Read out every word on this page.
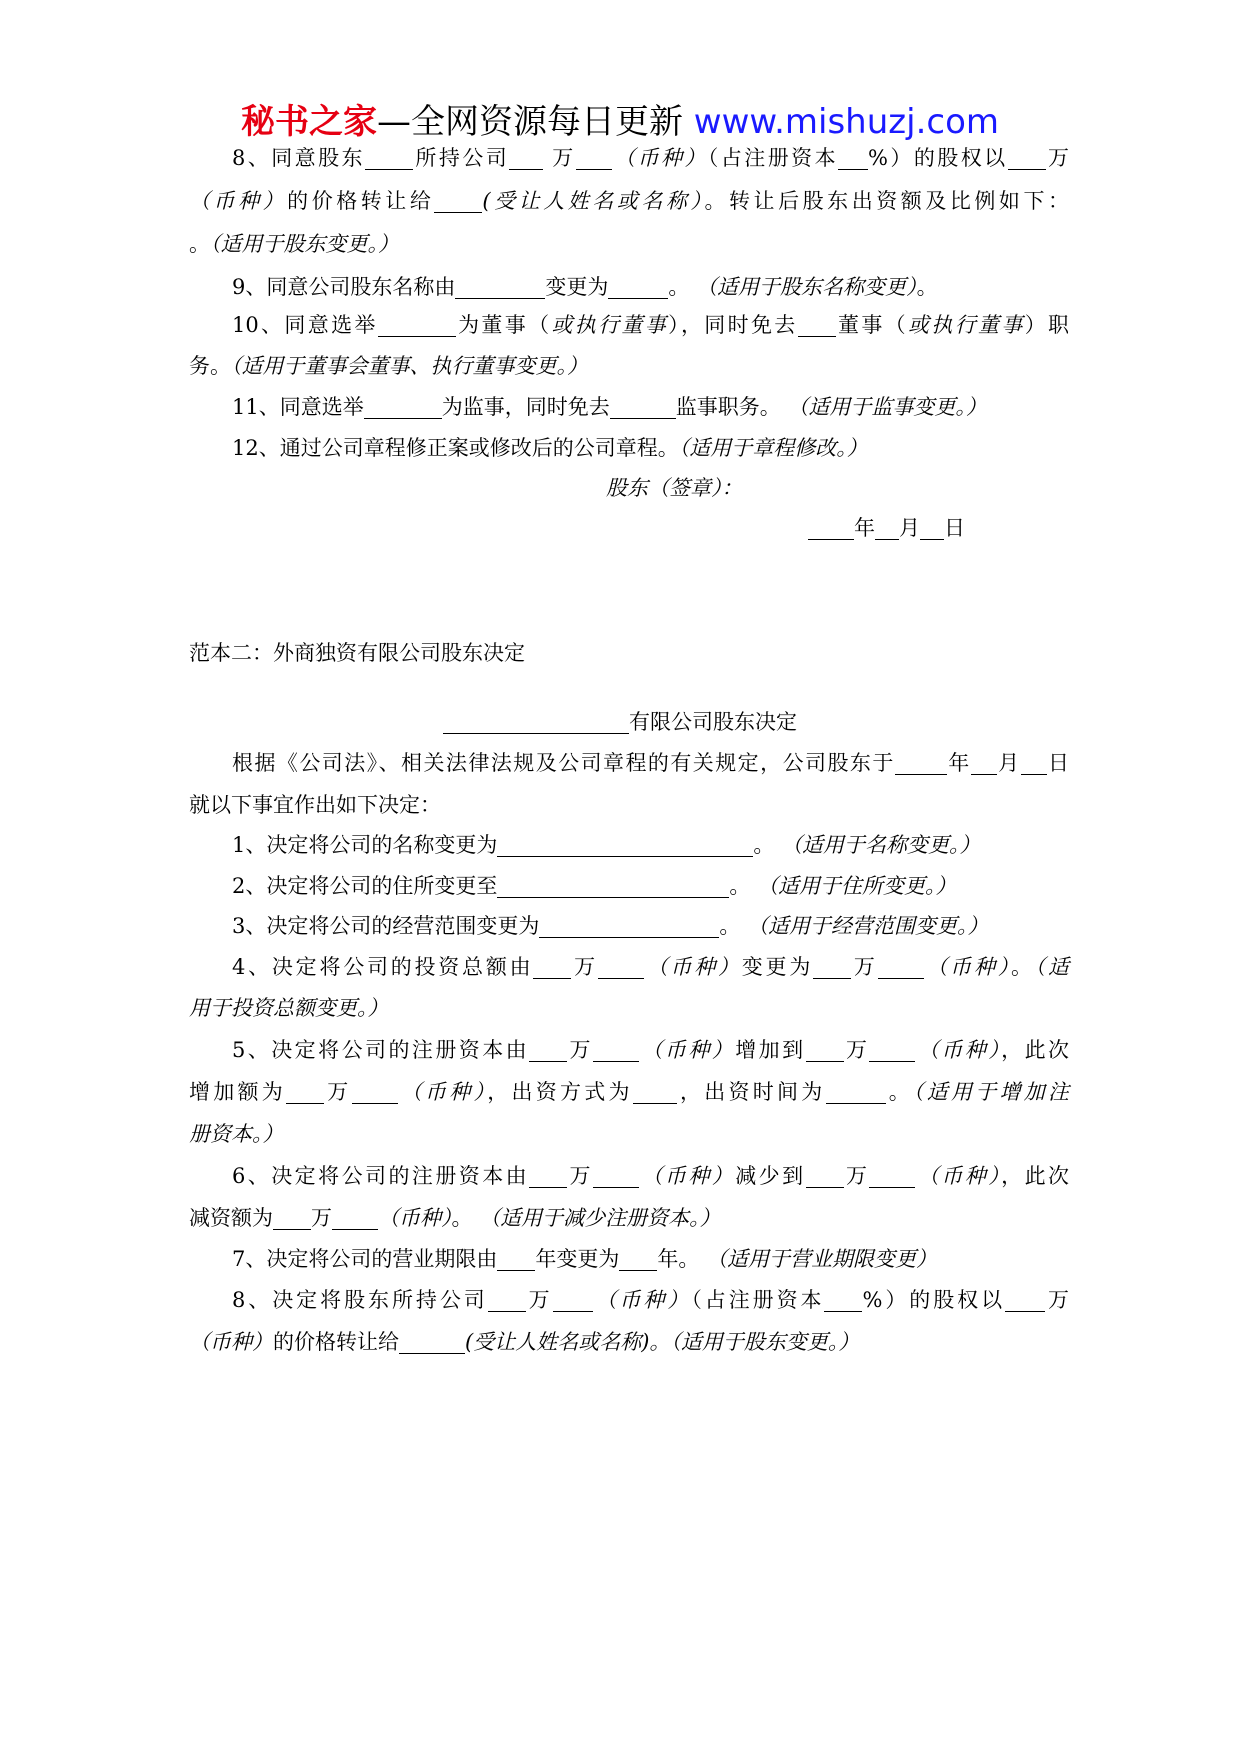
秘书之家—全网资源每日更新 www.mishuzj.com
8、同意股东 所持公司 万 （币种）（占注册资本 %）的股权以 万
（币种）的价格转让给 (受让人姓名或名称）。转让后股东出资额及比例如下：
。（适用于股东变更。）
9、同意公司股东名称由	变更为	。 （适用于股东名称变更）。
10、同意选举	为董事（或执行董事），同时免去 董事（或执行董事）职
务。（适用于董事会董事、执行董事变更。）
11、同意选举	为监事，同时免去	监事职务。 （适用于监事变更。）
12、通过公司章程修正案或修改后的公司章程。（适用于章程修改。）
股东（签章）：
年 月 日
范本二：外商独资有限公司股东决定
有限公司股东决定
根据《公司法》、相关法律法规及公司章程的有关规定，公司股东于 年 月 日
就以下事宜作出如下决定：
1、决定将公司的名称变更为	。 （适用于名称变更。）
2、决定将公司的住所变更至	。 （适用于住所变更。）
3、决定将公司的经营范围变更为	。 （适用于经营范围变更。）
4、决定将公司的投资总额由 万 （币种）变更为 万 （币种）。（适
用于投资总额变更。）
5、决定将公司的注册资本由 万 （币种）增加到 万 （币种），此次
增加额为 万 （币种），出资方式为 ，出资时间为	。（适用于增加注
册资本。）
6、决定将公司的注册资本由 万 （币种）减少到 万 （币种），此次
减资额为 万 （币种）。 （适用于减少注册资本。）
7、决定将公司的营业期限由 年变更为 年。 （适用于营业期限变更）
8、决定将股东所持公司 万 （币种）（占注册资本 %）的股权以 万
（币种）的价格转让给	(受让人姓名或名称)。（适用于股东变更。）
